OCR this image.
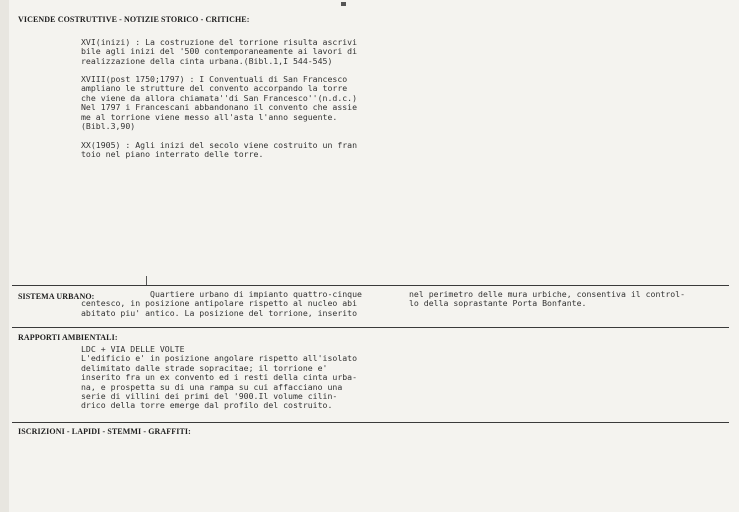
VICENDE COSTRUTTIVE - NOTIZIE STORICO - CRITICHE:
XVI(inizi) : La costruzione del torrione risulta ascrivi
bile agli inizi del '500 contemporaneamente ai lavori di
realizzazione della cinta urbana.(Bibl.1,I 544-545)
XVIII(post 1750;1797) : I Conventuali di San Francesco
ampliano le strutture del convento accorpando la torre
che viene da allora chiamata''di San Francesco''(n.d.c.)
Nel 1797 i Francescani abbandonano il convento che assie
me al torrione viene messo all'asta l'anno seguente.
(Bibl.3,90)
XX(1905) : Agli inizi del secolo viene costruito un fran
toio nel piano interrato delle torre.
SISTEMA URBANO:	Quartiere urbano di impianto quattro-cinque
centesco, in posizione antipolare rispetto al nucleo abi
abitato piu' antico. La posizione del torrione, inserito
nel perimetro delle mura urbiche, consentiva il control-
lo della soprastante Porta Bonfante.
RAPPORTI AMBIENTALI:
LDC + VIA DELLE VOLTE
L'edificio e' in posizione angolare rispetto all'isolato
delimitato dalle strade sopracitae; il torrione e'
inserito fra un ex convento ed i resti della cinta urba-
na, e prospetta su di una rampa su cui affacciano una
serie di villini dei primi del '900.Il volume cilin-
drico della torre emerge dal profilo del costruito.
ISCRIZIONI - LAPIDI - STEMMI - GRAFFITI:
